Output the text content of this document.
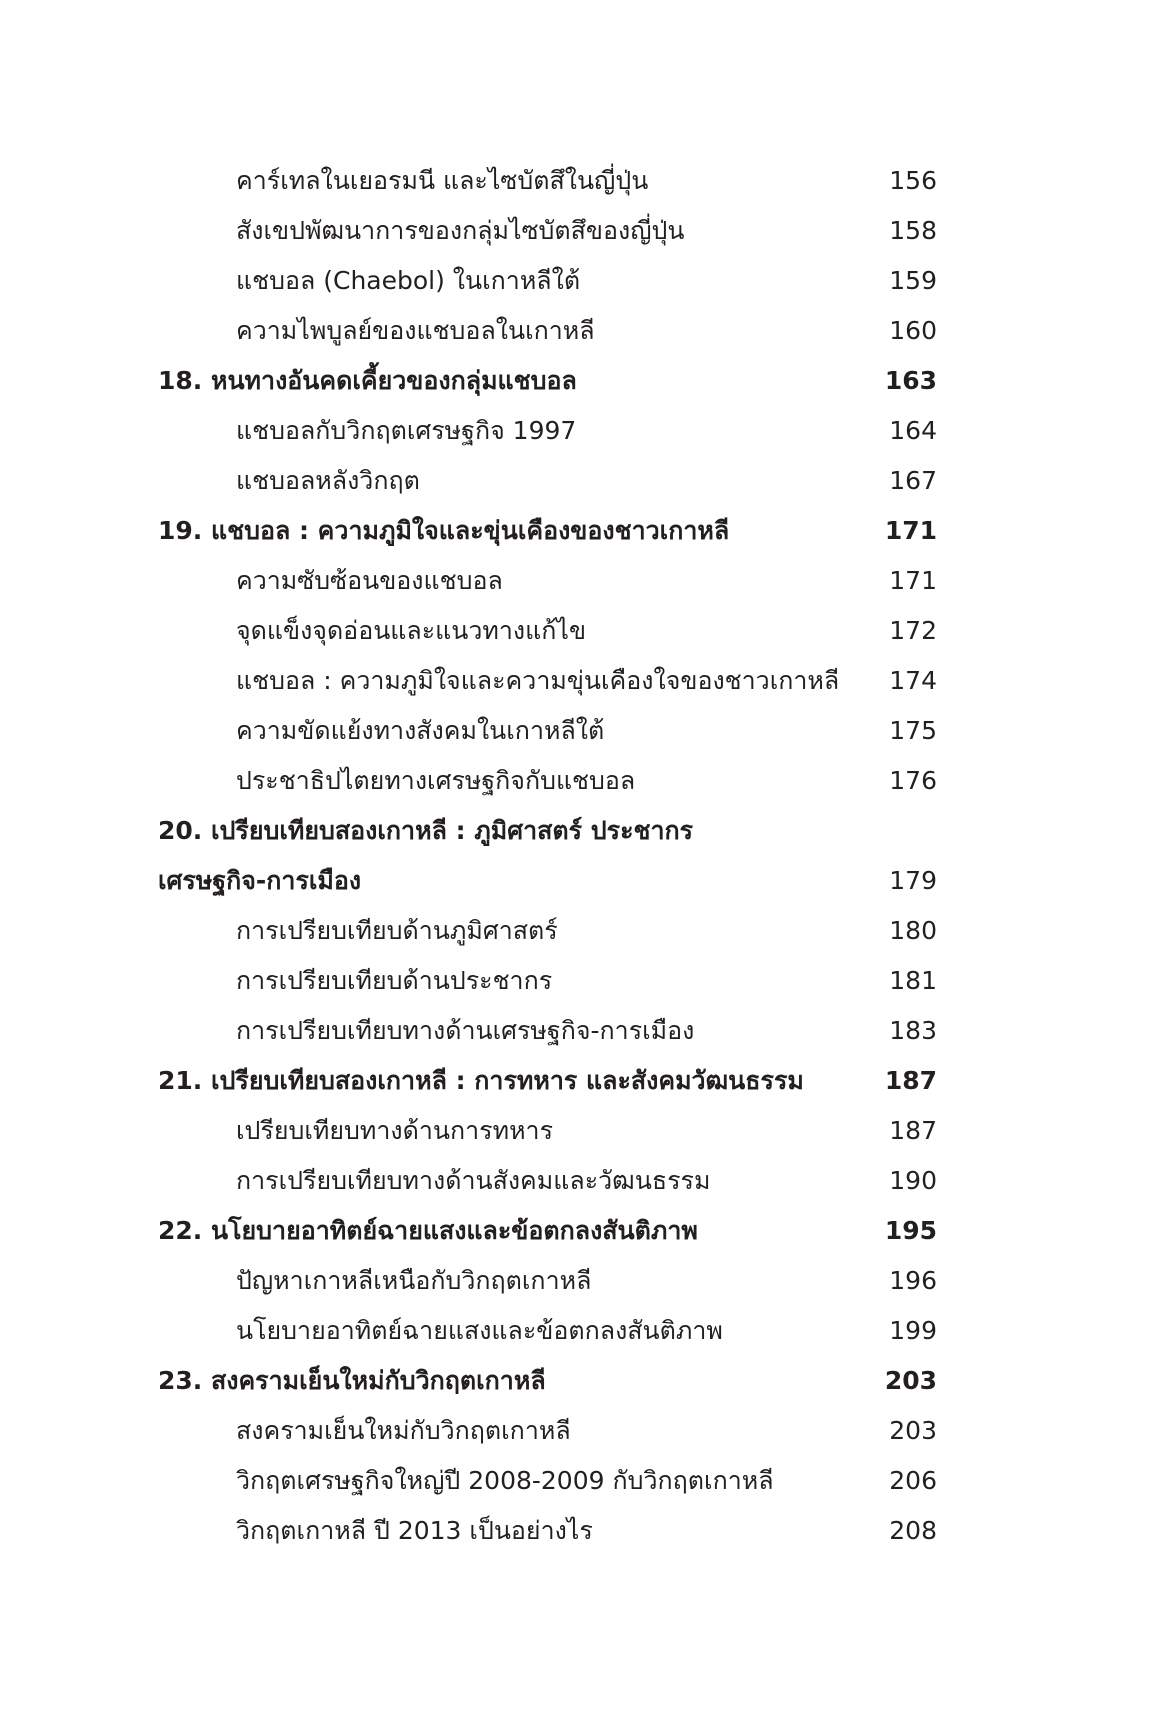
คาร์เทลในเยอรมนี และไซบัตสึในญี่ปุ่น	156
สังเขปพัฒนาการของกลุ่มไซบัตสึของญี่ปุ่น	158
แชบอล (Chaebol) ในเกาหลีใต้	159
ความไพบูลย์ของแชบอลในเกาหลี	160
18. หนทางอันคดเคี้ยวของกลุ่มแชบอล	163
แชบอลกับวิกฤตเศรษฐกิจ 1997	164
แชบอลหลังวิกฤต	167
19. แชบอล : ความภูมิใจและขุ่นเคืองของชาวเกาหลี	171
ความซับซ้อนของแชบอล	171
จุดแข็งจุดอ่อนและแนวทางแก้ไข	172
แชบอล : ความภูมิใจและความขุ่นเคืองใจของชาวเกาหลี 174
ความขัดแย้งทางสังคมในเกาหลีใต้	175
ประชาธิปไตยทางเศรษฐกิจกับแชบอล	176
20. เปรียบเทียบสองเกาหลี : ภูมิศาสตร์ ประชากร
เศรษฐกิจ-การเมือง	179
การเปรียบเทียบด้านภูมิศาสตร์	180
การเปรียบเทียบด้านประชากร	181
การเปรียบเทียบทางด้านเศรษฐกิจ-การเมือง	183
21. เปรียบเทียบสองเกาหลี : การทหาร และสังคมวัฒนธรรม	187
เปรียบเทียบทางด้านการทหาร	187
การเปรียบเทียบทางด้านสังคมและวัฒนธรรม	190
22. นโยบายอาทิตย์ฉายแสงและข้อตกลงสันติภาพ	195
ปัญหาเกาหลีเหนือกับวิกฤตเกาหลี	196
นโยบายอาทิตย์ฉายแสงและข้อตกลงสันติภาพ	199
23. สงครามเย็นใหม่กับวิกฤตเกาหลี	203
สงครามเย็นใหม่กับวิกฤตเกาหลี	203
วิกฤตเศรษฐกิจใหญ่ปี 2008-2009 กับวิกฤตเกาหลี	206
วิกฤตเกาหลี ปี 2013 เป็นอย่างไร	208
